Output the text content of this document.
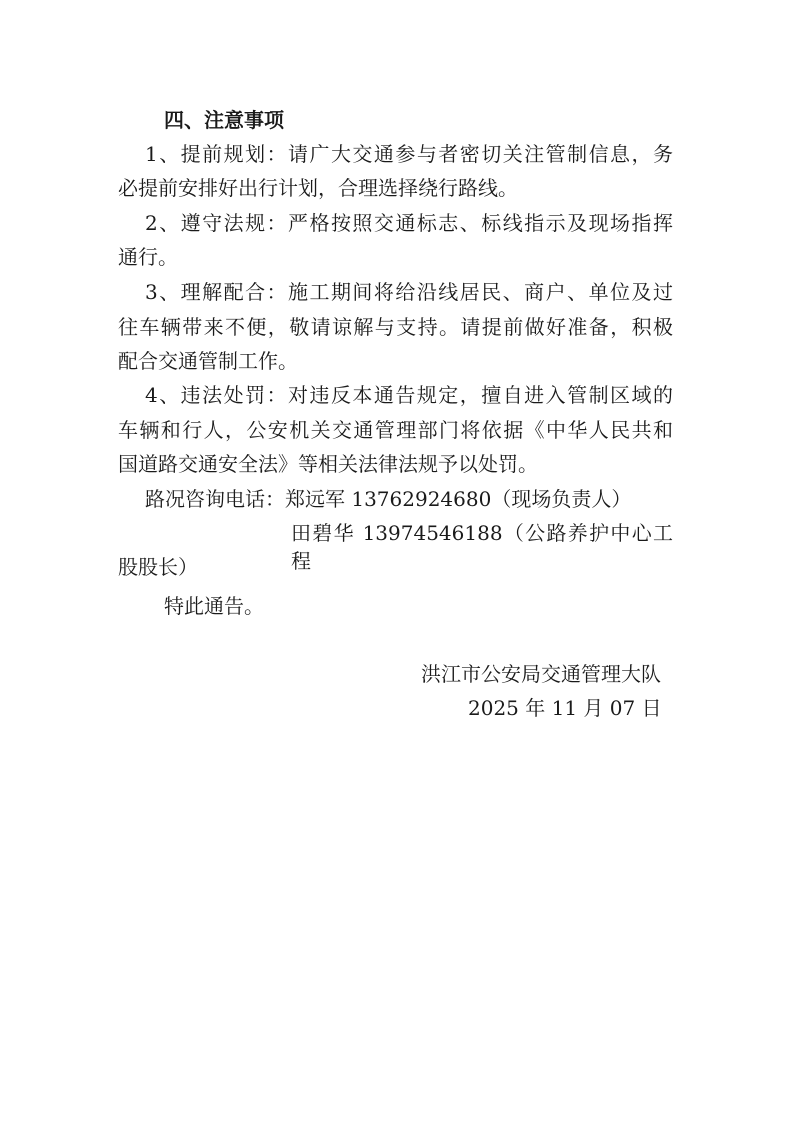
四、注意事项
1、提前规划：请广大交通参与者密切关注管制信息，务
必提前安排好出行计划，合理选择绕行路线。
2、遵守法规：严格按照交通标志、标线指示及现场指挥
通行。
3、理解配合：施工期间将给沿线居民、商户、单位及过
往车辆带来不便，敬请谅解与支持。请提前做好准备，积极
配合交通管制工作。
4、违法处罚：对违反本通告规定，擅自进入管制区域的
车辆和行人，公安机关交通管理部门将依据《中华人民共和
国道路交通安全法》等相关法律法规予以处罚。
路况咨询电话：郑远军 13762924680（现场负责人）
田碧华 13974546188（公路养护中心工程
股股长）
特此通告。
洪江市公安局交通管理大队
2025 年 11 月 07 日
